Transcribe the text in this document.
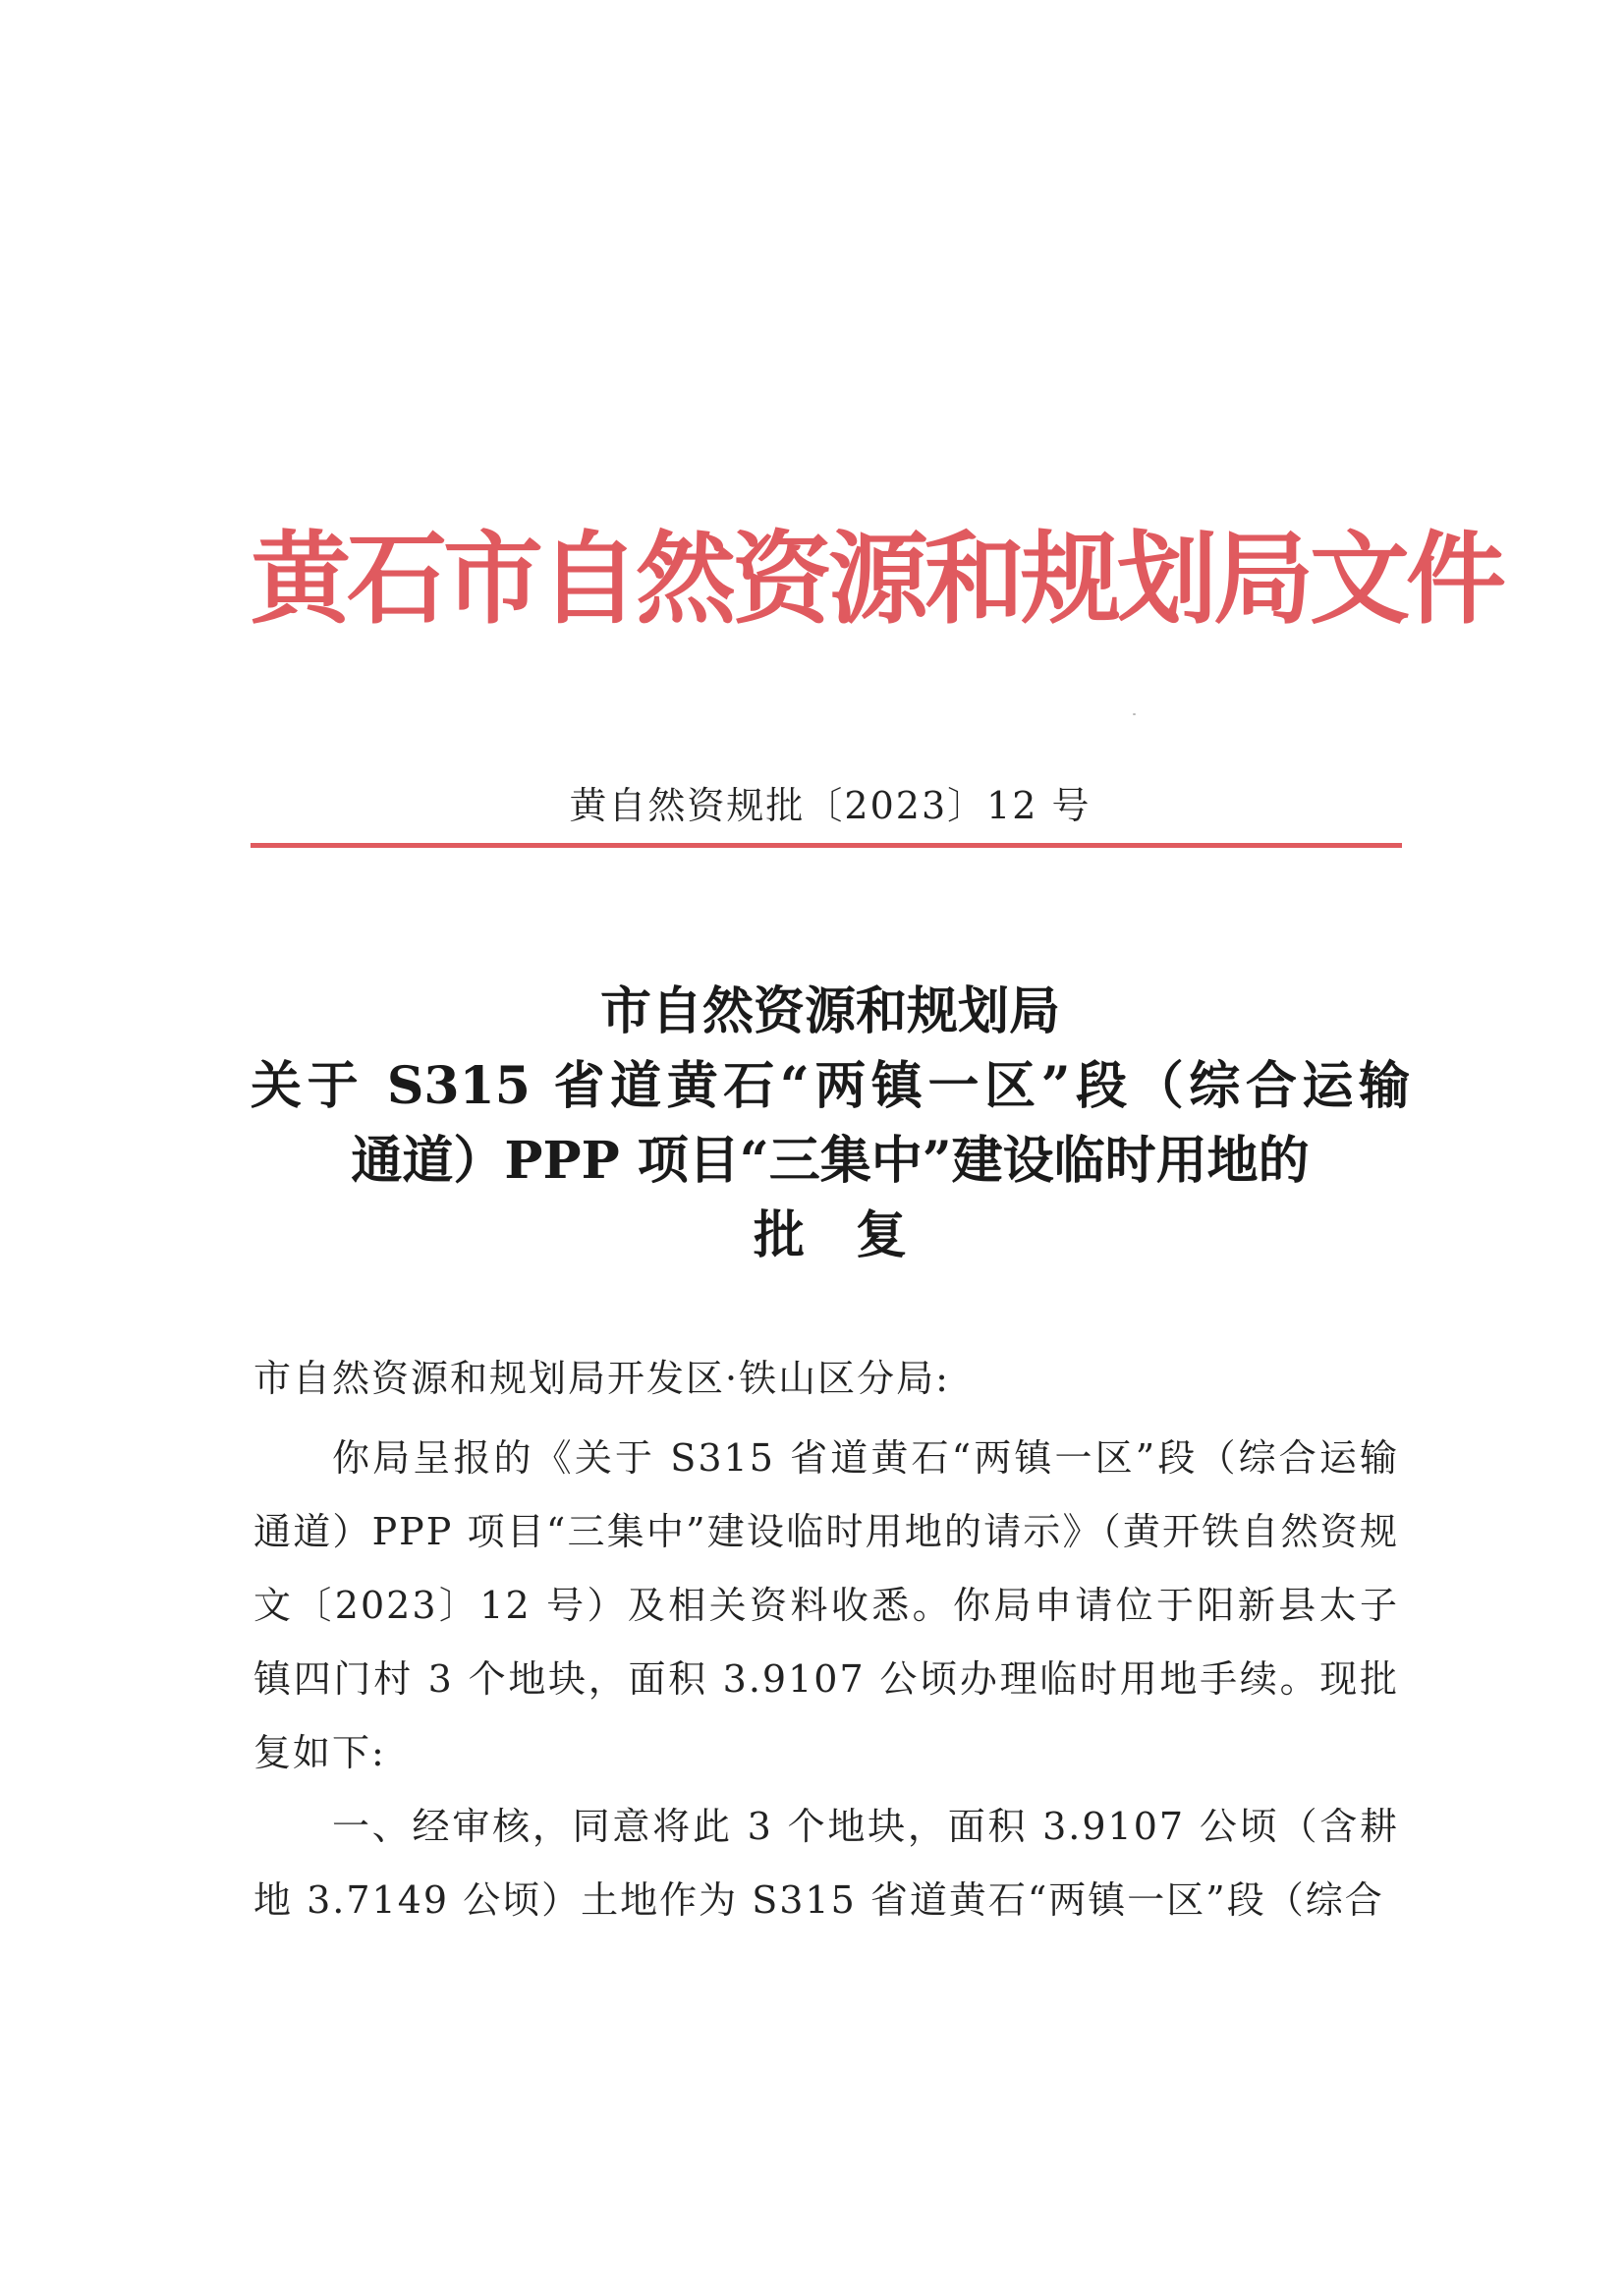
黄石市自然资源和规划局文件
黄自然资规批〔2023〕12 号
市自然资源和规划局
关于 S315 省道黄石“两镇一区”段（综合运输
通道）PPP 项目“三集中”建设临时用地的
批　复
市自然资源和规划局开发区·铁山区分局:
你局呈报的《关于 S315 省道黄石“两镇一区”段（综合运输通道）PPP 项目“三集中”建设临时用地的请示》（黄开铁自然资规文〔2023〕12 号）及相关资料收悉。你局申请位于阳新县太子镇四门村 3 个地块，面积 3.9107 公顷办理临时用地手续。现批复如下:
一、经审核，同意将此 3 个地块，面积 3.9107 公顷（含耕地 3.7149 公顷）土地作为 S315 省道黄石“两镇一区”段（综合
